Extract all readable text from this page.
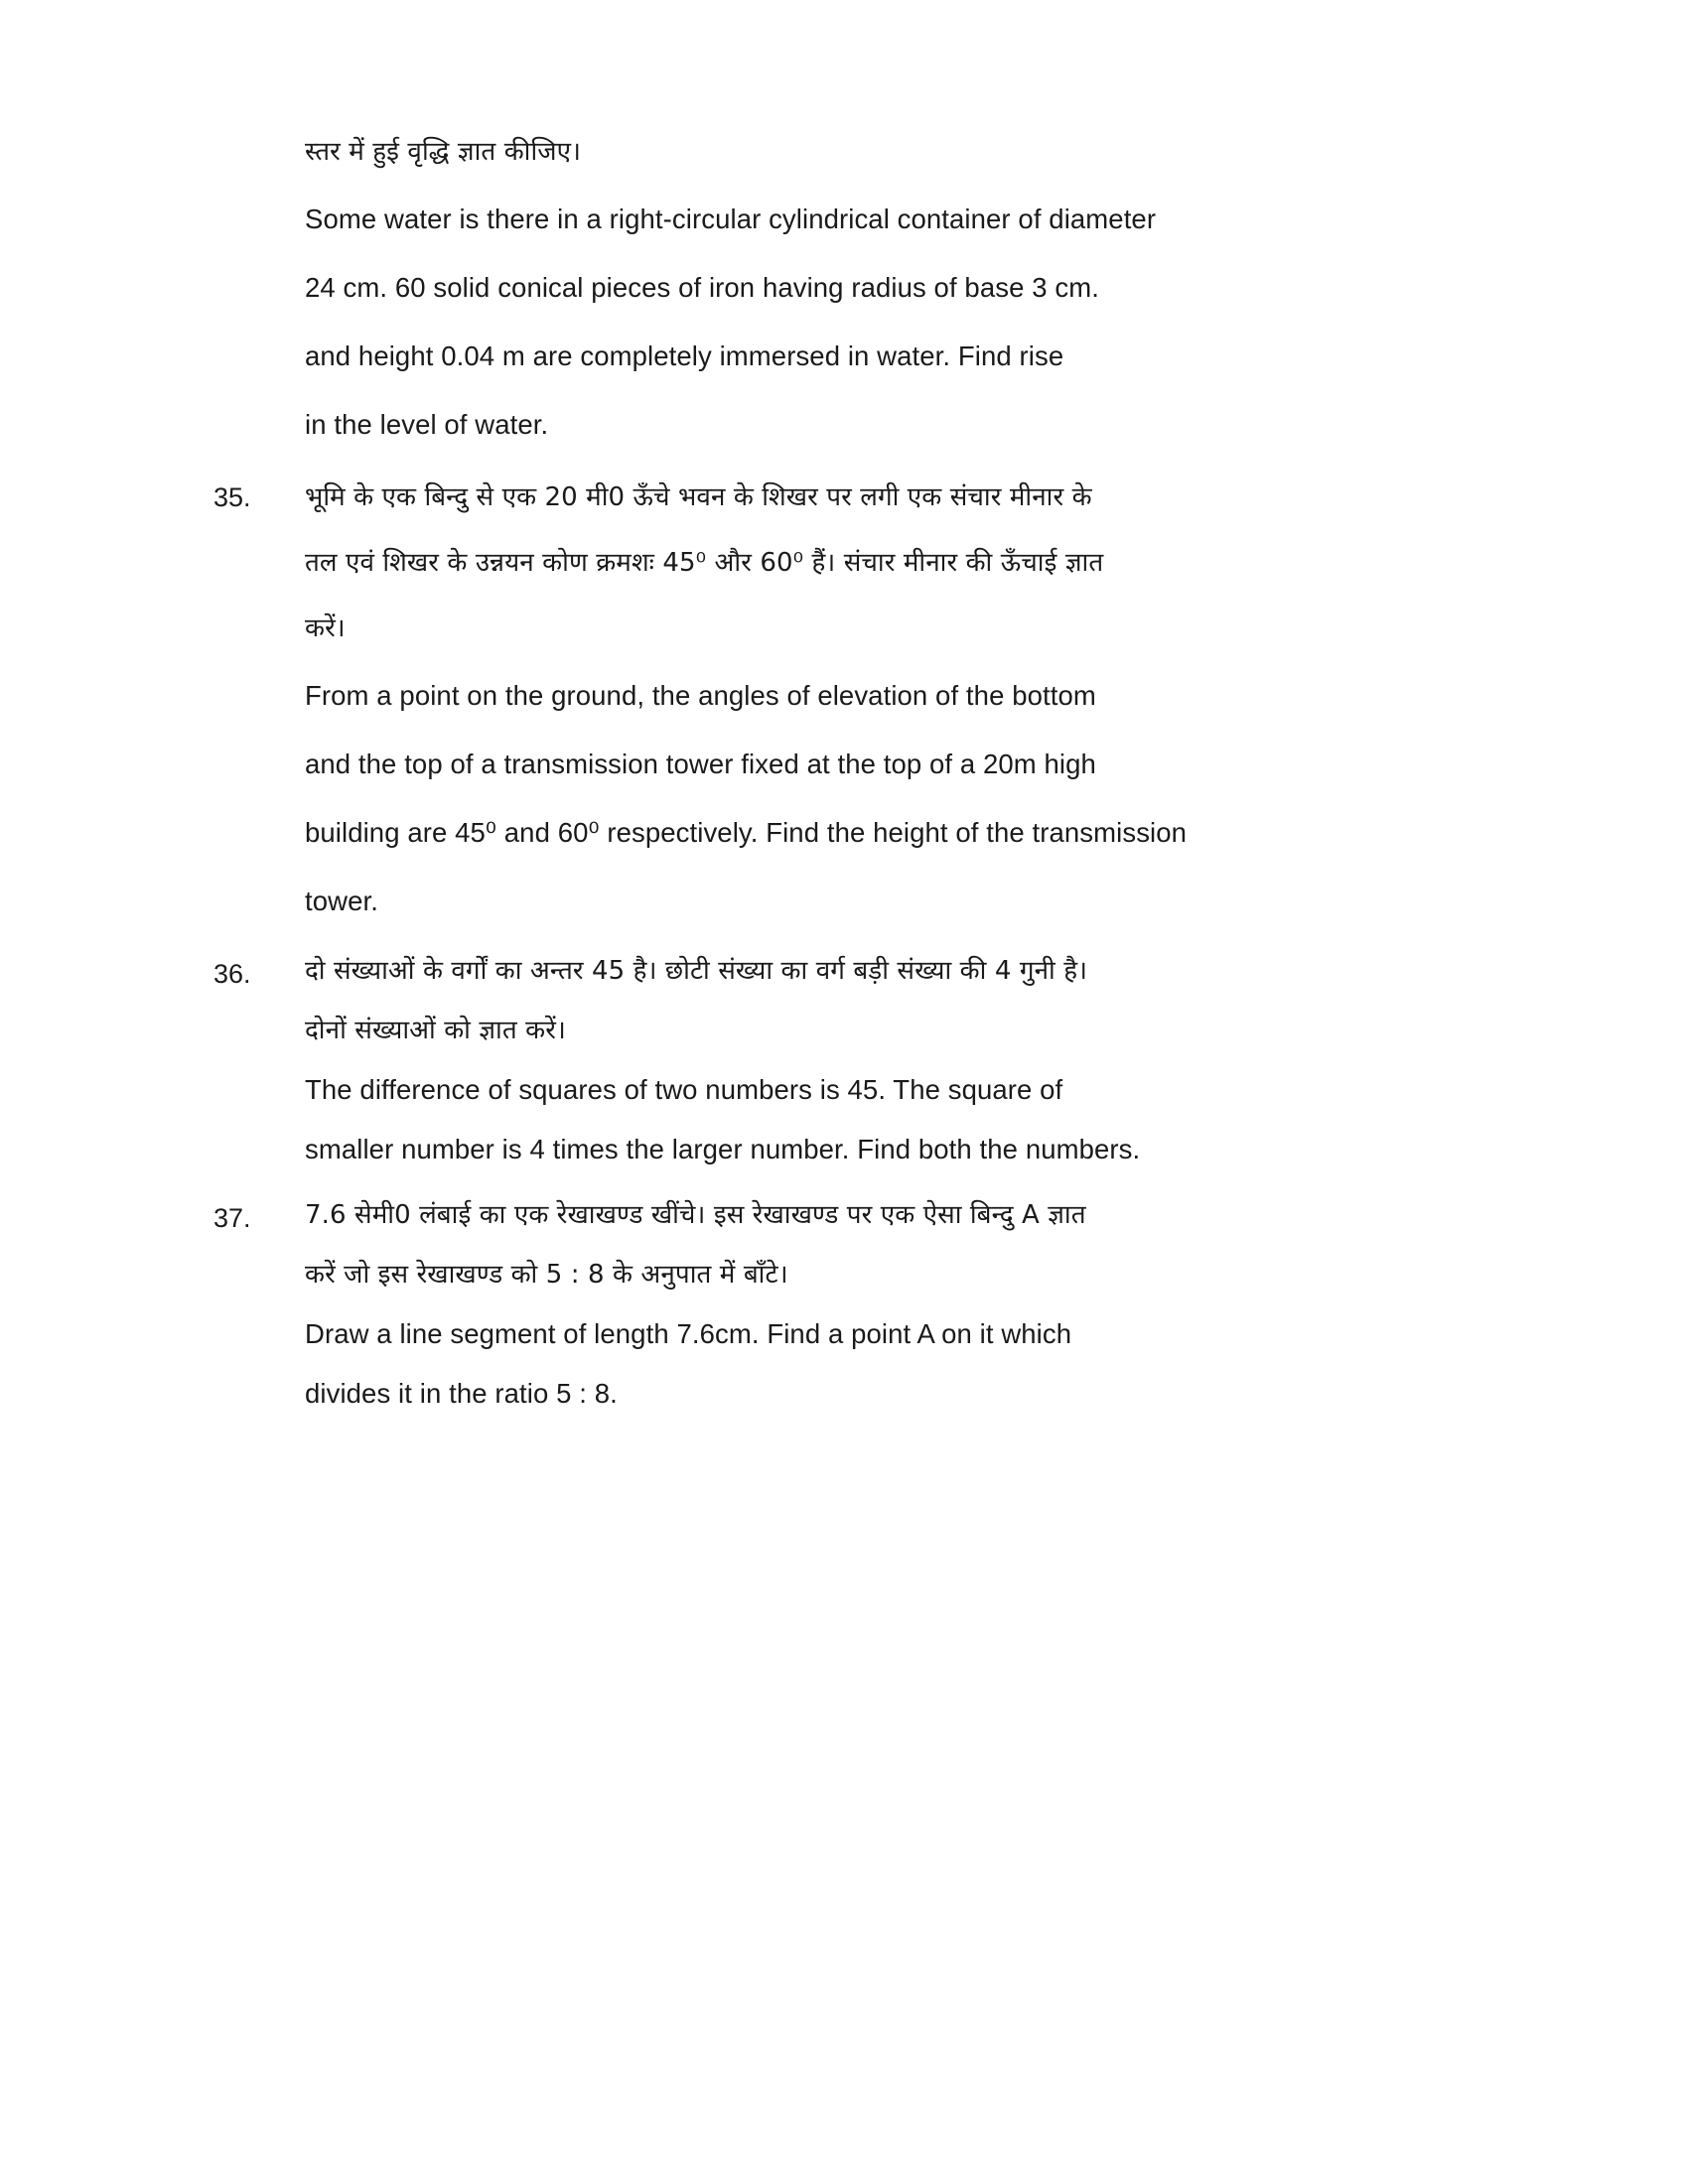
स्तर में हुई वृद्धि ज्ञात कीजिए।
Some water is there in a right-circular cylindrical container of diameter
24 cm. 60 solid conical pieces of iron having radius of base 3 cm.
and height 0.04 m are completely immersed in water. Find rise
in the level of water.
35.	भूमि के एक बिन्दु से एक 20 मी0 ऊँचे भवन के शिखर पर लगी एक संचार मीनार के
तल एवं शिखर के उन्नयन कोण क्रमशः 45⁰ और 60⁰ हैं। संचार मीनार की ऊँचाई ज्ञात
करें।
From a point on the ground, the angles of elevation of the bottom
and the top of a transmission tower fixed at the top of a 20m high
building are 45⁰ and 60⁰ respectively. Find the height of the transmission
tower.
36.	दो संख्याओं के वर्गों का अन्तर 45 है। छोटी संख्या का वर्ग बड़ी संख्या की 4 गुनी है।
दोनों संख्याओं को ज्ञात करें।
The difference of squares of two numbers is 45. The square of
smaller number is 4 times the larger number. Find both the numbers.
37.	7.6 सेमी0 लंबाई का एक रेखाखण्ड खींचे। इस रेखाखण्ड पर एक ऐसा बिन्दु A ज्ञात
करें जो इस रेखाखण्ड को 5 : 8 के अनुपात में बाँटे।
Draw a line segment of length 7.6cm. Find a point A on it which
divides it in the ratio 5 : 8.
